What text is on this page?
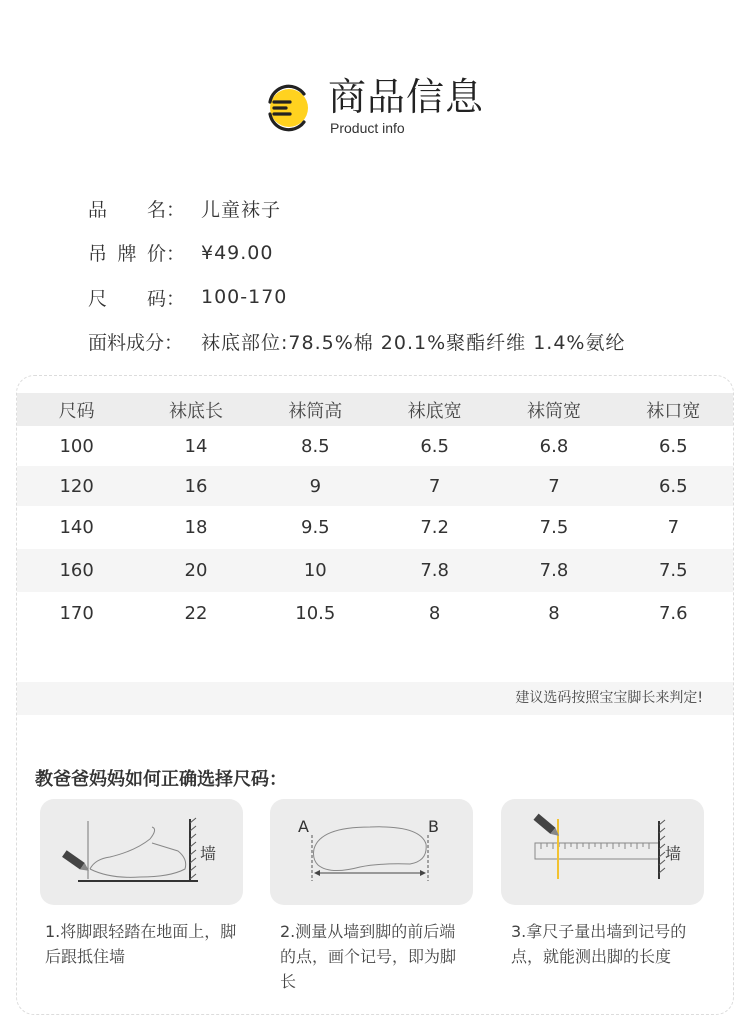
商品信息
Product info
品 名： 儿童袜子
吊 牌 价： ¥49.00
尺 码： 100-170
面料成分： 袜底部位:78.5%棉 20.1%聚酯纤维 1.4%氨纶
尺码	袜底长	袜筒高	袜底宽	袜筒宽	袜口宽
100	14	8.5	6.5	6.8	6.5
120	16	9	7	7	6.5
140	18	9.5	7.2	7.5	7
160	20	10	7.8	7.8	7.5
170	22	10.5	8	8	7.6
建议选码按照宝宝脚长来判定!
教爸爸妈妈如何正确选择尺码：
墙
A	B
墙
1.将脚跟轻踏在地面上，脚后跟抵住墙
2.测量从墙到脚的前后端的点，画个记号，即为脚长
3.拿尺子量出墙到记号的点，就能测出脚的长度
